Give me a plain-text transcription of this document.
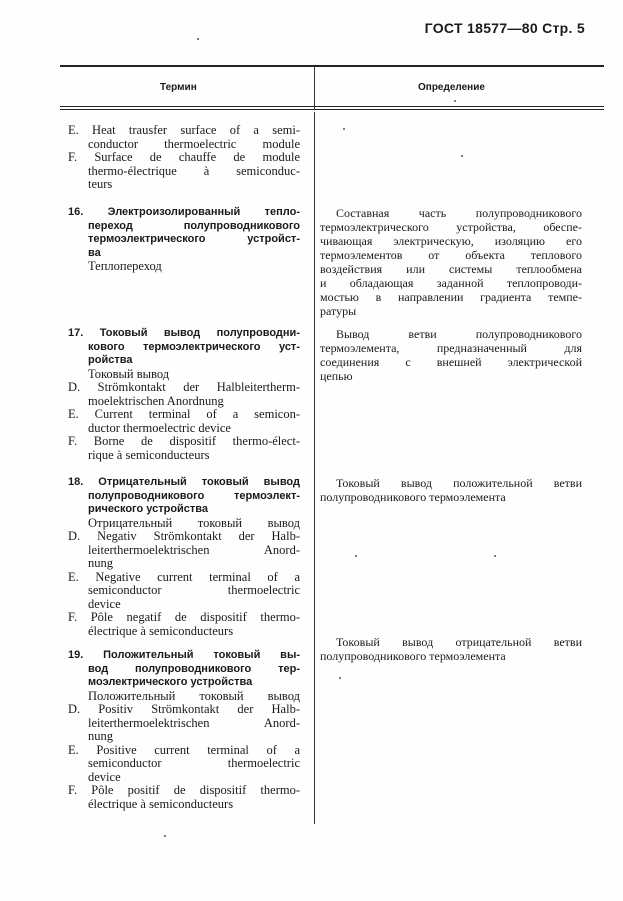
ГОСТ 18577—80 Стр. 5
Термин	Определение
E. Heat trausfer surface of a semi-
conductor thermoelectric module
F. Surface de chauffe de module
thermo-électrique à semiconduc-
teurs
16. Электроизолированный тепло-
переход полупроводникового
термоэлектрического устройст-
ва
Теплопереход
Составная часть полупроводникового
термоэлектрического устройства, обеспе-
чивающая электрическую, изоляцию его
термоэлементов от объекта теплового
воздействия или системы теплообмена
и обладающая заданной теплопроводи-
мостью в направлении градиента темпе-
ратуры
17. Токовый вывод полупроводни-
кового термоэлектрического уст-
ройства
Токовый вывод
D. Strömkontakt der Halbleitertherm-
moelektrischen Anordnung
E. Current terminal of a semicon-
ductor thermoelectric device
F. Borne de dispositif thermo-élect-
rique à semiconducteurs
Вывод ветви полупроводникового
термоэлемента, предназначенный для
соединения с внешней электрической
цепью
18. Отрицательный токовый вывод
полупроводникового термоэлект-
рического устройства
Отрицательный токовый вывод
D. Negativ Strömkontakt der Halb-
leiterthermoelektrischen Anord-
nung
E. Negative current terminal of a
semiconductor thermoelectric
device
F. Pôle negatif de dispositif thermo-
électrique à semiconducteurs
Токовый вывод положительной ветви
полупроводникового термоэлемента
19. Положительный токовый вы-
вод полупроводникового тер-
моэлектрического устройства
Положительный токовый вывод
D. Positiv Strömkontakt der Halb-
leiterthermoelektrischen Anord-
nung
E. Positive current terminal of a
semiconductor thermoelectric
device
F. Pôle positif de dispositif thermo-
électrique à semiconducteurs
Токовый вывод отрицательной ветви
полупроводникового термоэлемента
